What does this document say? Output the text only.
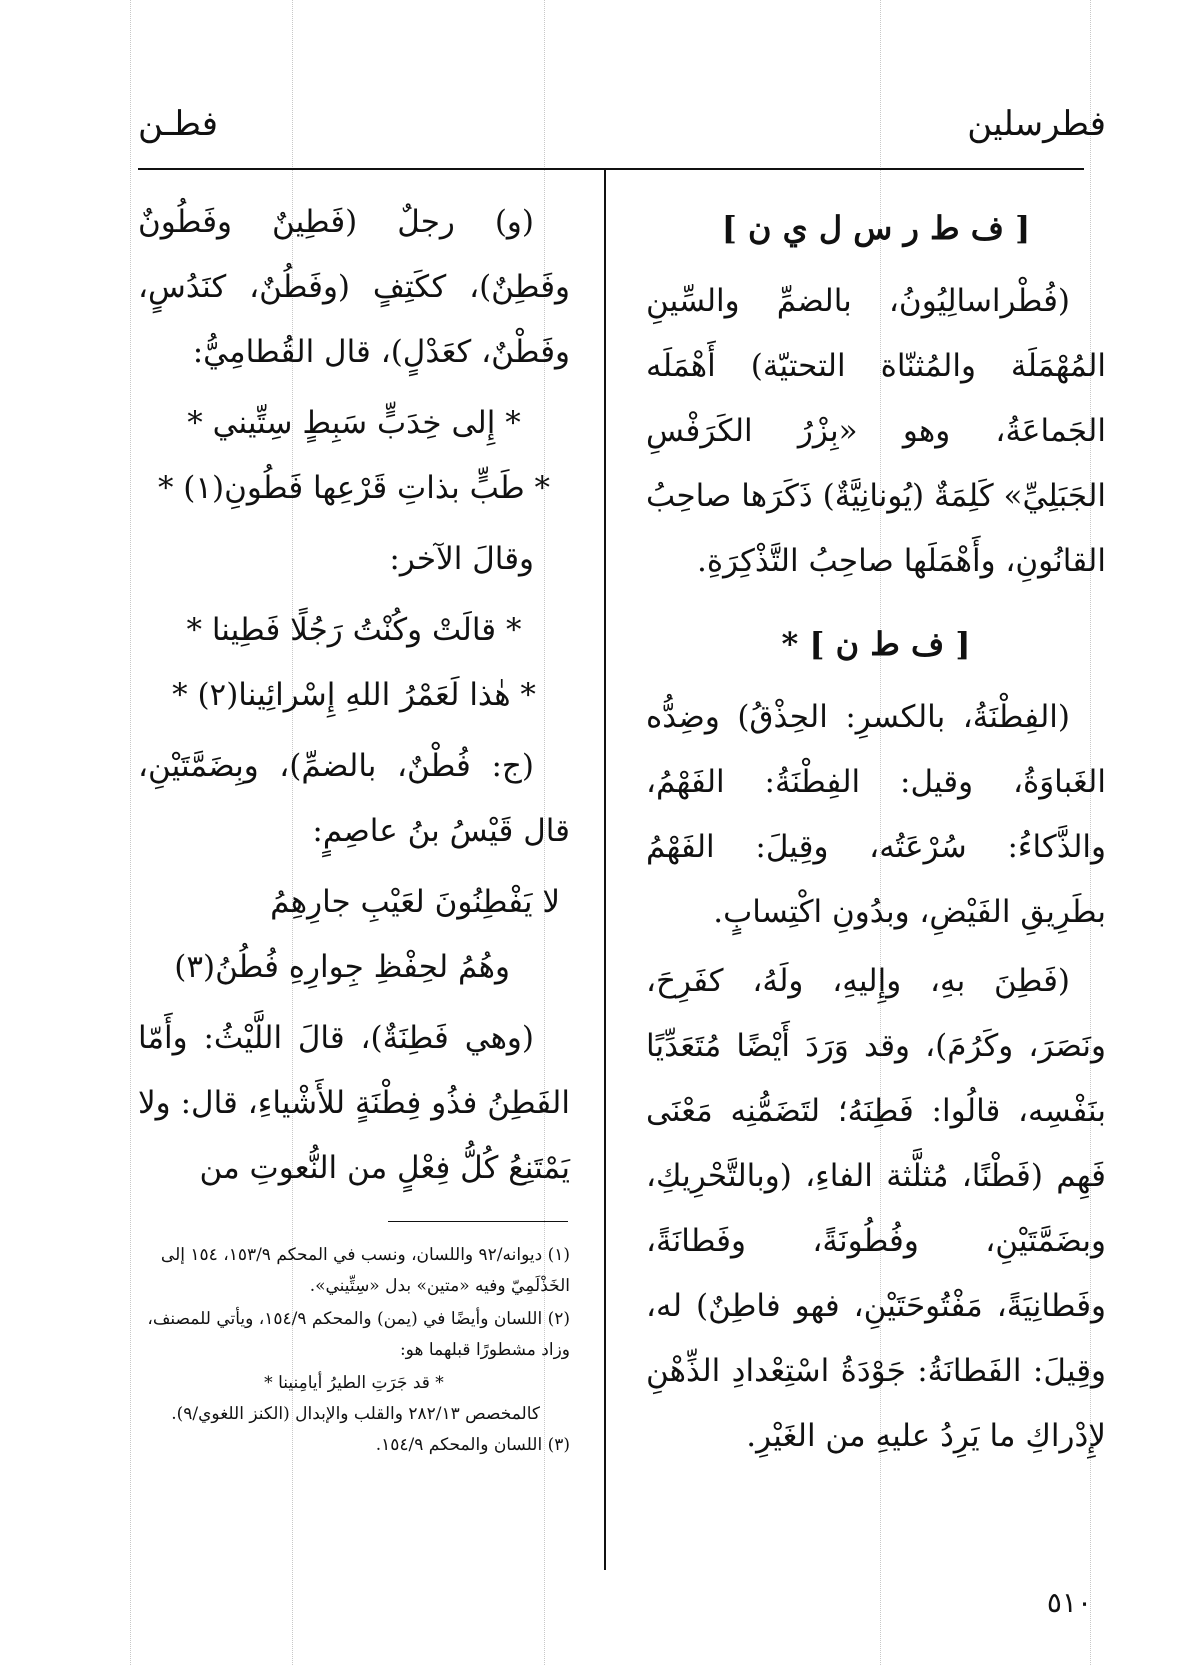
فطرسلين
فطـن
[ ف ط ر س ل ي ن ]

(فُطْراسالِيُونُ، بالضمِّ والسِّينِ المُهْمَلَة والمُثنّاة التحتيّة) أَهْمَلَه الجَماعَةُ، وهو «بِزْرُ الكَرَفْسِ الجَبَلِيِّ» كَلِمَةٌ (يُونانِيَّةٌ) ذَكَرَها صاحِبُ القانُونِ، وأَهْمَلَها صاحِبُ التَّذْكِرَةِ.

[ ف ط ن ] *

(الفِطْنَةُ، بالكسرِ: الحِذْقُ) وضِدُّه الغَباوَةُ، وقيل: الفِطْنَةُ: الفَهْمُ، والذَّكاءُ: سُرْعَتُه، وقِيلَ: الفَهْمُ بطَرِيقِ الفَيْضِ، وبدُونِ اكْتِسابٍ.

(فَطِنَ بهِ، وإِليهِ، ولَهُ، كفَرِحَ، ونَصَرَ، وكَرُمَ)، وقد وَرَدَ أَيْضًا مُتَعَدِّيًا بنَفْسِه، قالُوا: فَطِنَهُ؛ لتَضَمُّنِه مَعْنَى فَهِم (فَطْنًا، مُثلَّثة الفاءِ، (وبالتَّحْرِيكِ، وبضَمَّتَيْنِ، وفُطُونَةً، وفَطانَةً، وفَطانِيَةً، مَفْتُوحَتَيْنِ، فهو فاطِنٌ) له، وقِيلَ: الفَطانَةُ: جَوْدَةُ اسْتِعْدادِ الذِّهْنِ لإِدْراكِ ما يَرِدُ عليهِ من الغَيْرِ.

(و) رجلٌ (فَطِينٌ وفَطُونٌ وفَطِنٌ)، ككَتِفٍ (وفَطُنٌ، كنَدُسٍ، وفَطْنٌ، كعَدْلٍ)، قال القُطامِيُّ:

* إِلى خِدَبٍّ سَبِطٍ سِتِّيني *

* طَبٍّ بذاتِ قَرْعِها فَطُونِ(١) *

وقالَ الآخر:

* قالَتْ وكُنْتُ رَجُلًا فَطِينا *

* هٰذا لَعَمْرُ اللهِ إِسْرائِينا(٢) *

(ج: فُطْنٌ، بالضمِّ)، وبِضَمَّتَيْنِ، قال قَيْسُ بنُ عاصِمٍ:

لا يَفْطِنُونَ لعَيْبِ جارِهِمُ

وهُمُ لحِفْظِ جِوارِهِ فُطُنُ(٣)

(وهي فَطِنَةٌ)، قالَ اللَّيْثُ: وأَمّا الفَطِنُ فذُو فِطْنَةٍ للأَشْياءِ، قال: ولا يَمْتَنِعُ كُلُّ فِعْلٍ من النُّعوتِ من

(١) ديوانه/٩٢ واللسان، ونسب في المحكم ١٥٣/٩، ١٥٤ إلى الخَذْلَمِيّ وفيه «متين» بدل «سِتِّيني».

(٢) اللسان وأيضًا في (يمن) والمحكم ١٥٤/٩، ويأتي للمصنف، وزاد مشطورًا قبلهما هو:

* قد جَرَتِ الطيرُ أيامِنينا *

كالمخصص ٢٨٢/١٣ والقلب والإبدال (الكنز اللغوي/٩).

(٣) اللسان والمحكم ١٥٤/٩.

٥١٠
